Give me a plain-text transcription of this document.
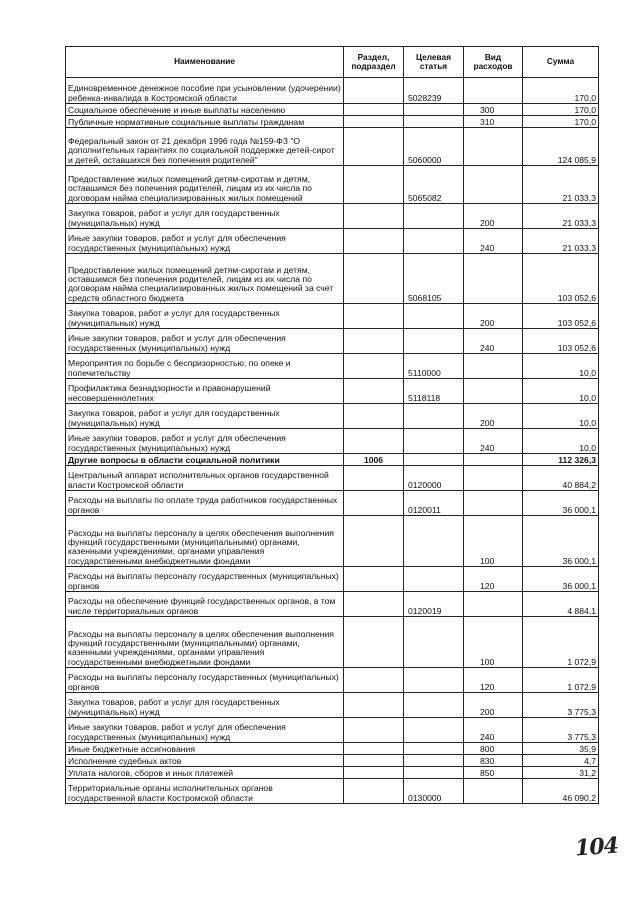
Наименование	Раздел, подраздел	Целевая статья	Вид расходов	Сумма
Единовременное денежное пособие при усыновлении (удочерении) ребенка-инвалида в Костромской области		5028239		170,0
Социальное обеспечение и иные выплаты населению			300	170,0
Публичные нормативные социальные выплаты гражданам			310	170,0
Федеральный закон от 21 декабря 1996 года №159-ФЗ "О дополнительных гарантиях по социальной поддержке детей-сирот и детей, оставшихся без попечения родителей"		5060000		124 085,9
Предоставление жилых помещений детям-сиротам и детям, оставшимся без попечения родителей, лицам из их числа по договорам найма специализированных жилых помещений		5065082		21 033,3
Закупка товаров, работ и услуг для государственных (муниципальных) нужд			200	21 033,3
Иные закупки товаров, работ и услуг для обеспечения государственных (муниципальных) нужд			240	21 033,3
Предоставление жилых помещений детям-сиротам и детям, оставшимся без попечения родителей, лицам из их числа по договорам найма специализированных жилых помещений за счет средств областного бюджета		5068105		103 052,6
Закупка товаров, работ и услуг для государственных (муниципальных) нужд			200	103 052,6
Иные закупки товаров, работ и услуг для обеспечения государственных (муниципальных) нужд			240	103 052,6
Мероприятия по борьбе с беспризорностью, по опеке и попечительству		5110000		10,0
Профилактика безнадзорности и правонарушений несовершеннолетних		5118118		10,0
Закупка товаров, работ и услуг для государственных (муниципальных) нужд			200	10,0
Иные закупки товаров, работ и услуг для обеспечения государственных (муниципальных) нужд			240	10,0
Другие вопросы в области социальной политики	1006			112 326,3
Центральный аппарат исполнительных органов государственной власти Костромской области		0120000		40 884,2
Расходы на выплаты по оплате труда работников государственных органов		0120011		36 000,1
Расходы на выплаты персоналу в целях обеспечения выполнения функций государственными (муниципальными) органами, казенными учреждениями, органами управления государственными внебюджетными фондами			100	36 000,1
Расходы на выплаты персоналу государственных (муниципальных) органов			120	36 000,1
Расходы на обеспечение функций государственных органов, в том числе территориальных органов		0120019		4 884,1
Расходы на выплаты персоналу в целях обеспечения выполнения функций государственными (муниципальными) органами, казенными учреждениями, органами управления государственными внебюджетными фондами			100	1 072,9
Расходы на выплаты персоналу государственных (муниципальных) органов			120	1 072,9
Закупка товаров, работ и услуг для государственных (муниципальных) нужд			200	3 775,3
Иные закупки товаров, работ и услуг для обеспечения государственных (муниципальных) нужд			240	3 775,3
Иные бюджетные ассигнования			800	35,9
Исполнение судебных актов			830	4,7
Уплата налогов, сборов и иных платежей			850	31,2
Территориальные органы исполнительных органов государственной власти Костромской области		0130000		46 090,2
104
